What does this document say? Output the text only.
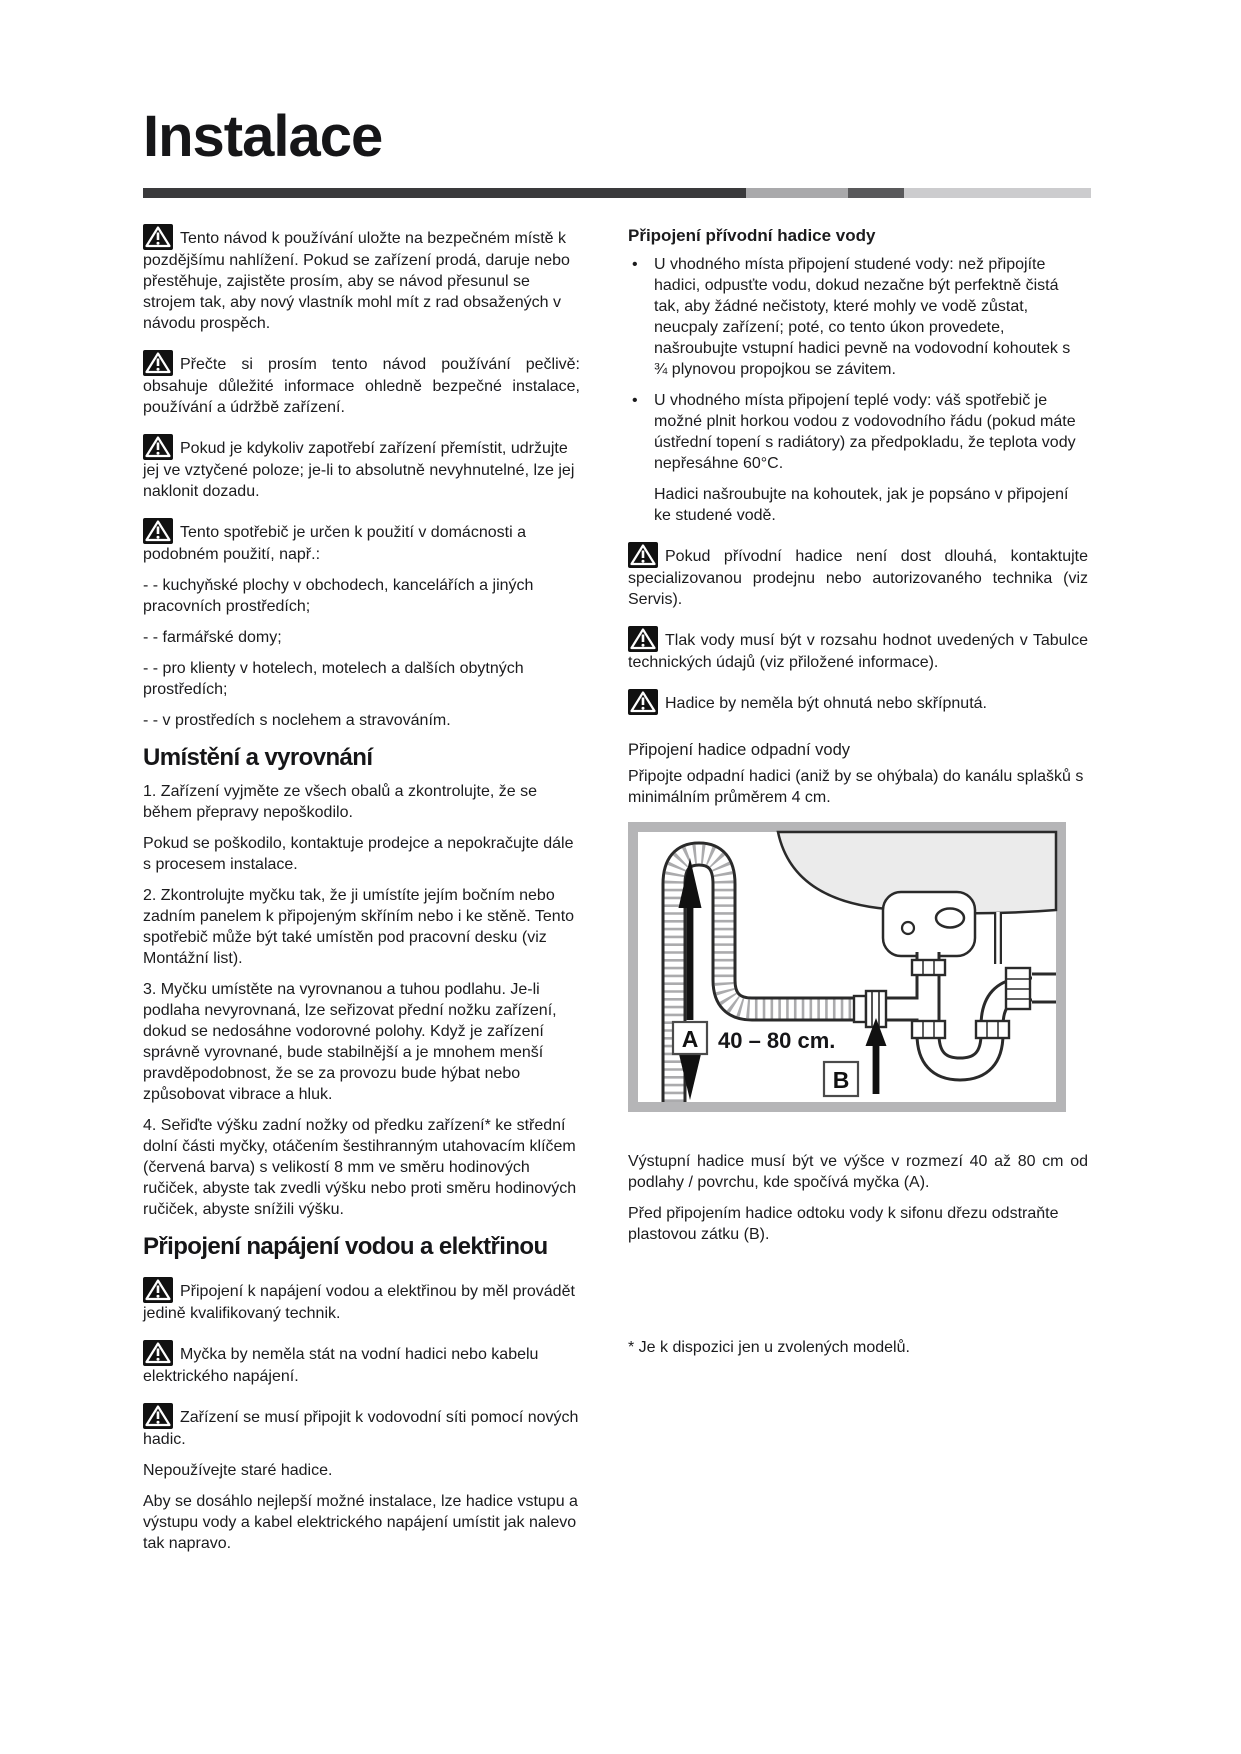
Instalace

Tento návod k používání uložte na bezpečném místě k pozdějšímu nahlížení. Pokud se zařízení prodá, daruje nebo přestěhuje, zajistěte prosím, aby se návod přesunul se strojem tak, aby nový vlastník mohl mít z rad obsažených v návodu prospěch.

Přečte si prosím tento návod používání pečlivě: obsahuje důležité informace ohledně bezpečné instalace, používání a údržbě zařízení.

Pokud je kdykoliv zapotřebí zařízení přemístit, udržujte jej ve vztyčené poloze; je-li to absolutně nevyhnutelné, lze jej naklonit dozadu.

Tento spotřebič je určen k použití v domácnosti a podobném použití, např.:

- - kuchyňské plochy v obchodech, kancelářích a jiných pracovních prostředích;

- - farmářské domy;

- - pro klienty v hotelech, motelech a dalších obytných prostředích;

- - v prostředích s noclehem a stravováním.

Umístění a vyrovnání

1. Zařízení vyjměte ze všech obalů a zkontrolujte, že se během přepravy nepoškodilo.

Pokud se poškodilo, kontaktuje prodejce a nepokračujte dále s procesem instalace.

2. Zkontrolujte myčku tak, že ji umístíte jejím bočním nebo zadním panelem k připojeným skříním nebo i ke stěně. Tento spotřebič může být také umístěn pod pracovní desku (viz Montážní list).

3. Myčku umístěte na vyrovnanou a tuhou podlahu. Je-li podlaha nevyrovnaná, lze seřizovat přední nožku zařízení, dokud se nedosáhne vodorovné polohy. Když je zařízení správně vyrovnané, bude stabilnější a je mnohem menší pravděpodobnost, že se za provozu bude hýbat nebo způsobovat vibrace a hluk.

4. Seřiďte výšku zadní nožky od předku zařízení* ke střední dolní části myčky, otáčením šestihranným utahovacím klíčem (červená barva) s velikostí 8 mm ve směru hodinových ručiček, abyste tak zvedli výšku nebo proti směru hodinových ručiček, abyste snížili výšku.

Připojení napájení vodou a elektřinou

Připojení k napájení vodou a elektřinou by měl provádět jedině kvalifikovaný technik.

Myčka by neměla stát na vodní hadici nebo kabelu elektrického napájení.

Zařízení se musí připojit k vodovodní síti pomocí nových hadic.

Nepoužívejte staré hadice.

Aby se dosáhlo nejlepší možné instalace, lze hadice vstupu a výstupu vody a kabel elektrického napájení umístit jak nalevo tak napravo.

Připojení přívodní hadice vody
• U vhodného místa připojení studené vody: než připojíte hadici, odpusťte vodu, dokud nezačne být perfektně čistá tak, aby žádné nečistoty, které mohly ve vodě zůstat, neucpaly zařízení; poté, co tento úkon provedete, našroubujte vstupní hadici pevně na vodovodní kohoutek s ¾ plynovou propojkou se závitem.
• U vhodného místa připojení teplé vody: váš spotřebič je možné plnit horkou vodou z vodovodního řádu (pokud máte ústřední topení s radiátory) za předpokladu, že teplota vody nepřesáhne 60°C.
Hadici našroubujte na kohoutek, jak je popsáno v připojení ke studené vodě.

Pokud přívodní hadice není dost dlouhá, kontaktujte specializovanou prodejnu nebo autorizovaného technika (viz Servis).

Tlak vody musí být v rozsahu hodnot uvedených v Tabulce technických údajů (viz přiložené informace).

Hadice by neměla být ohnutá nebo skřípnutá.

Připojení hadice odpadní vody

Připojte odpadní hadici (aniž by se ohýbala) do kanálu splašků s minimálním průměrem 4 cm.

A 40 – 80 cm.
B

Výstupní hadice musí být ve výšce v rozmezí 40 až 80 cm od podlahy / povrchu, kde spočívá myčka (A).

Před připojením hadice odtoku vody k sifonu dřezu odstraňte plastovou zátku (B).

* Je k dispozici jen u zvolených modelů.
